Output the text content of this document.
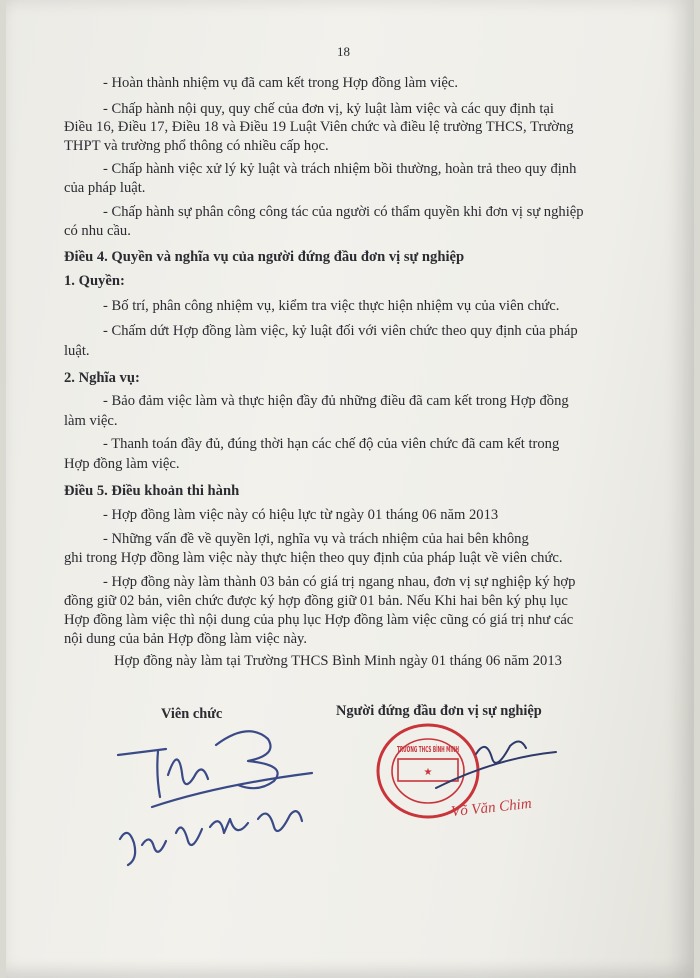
18
- Hoàn thành nhiệm vụ đã cam kết trong Hợp đồng làm việc.
- Chấp hành nội quy, quy chế của đơn vị, kỷ luật làm việc và các quy định tại
Điều 16, Điều 17, Điều 18 và Điều 19 Luật Viên chức và điều lệ trường THCS, Trường
THPT và trường phổ thông có nhiều cấp học.
- Chấp hành việc xử lý kỷ luật và trách nhiệm bồi thường, hoàn trả theo quy định
của pháp luật.
- Chấp hành sự phân công công tác của người có thẩm quyền khi đơn vị sự nghiệp
có nhu cầu.
Điều 4. Quyền và nghĩa vụ của người đứng đầu đơn vị sự nghiệp
1. Quyền:
- Bố trí, phân công nhiệm vụ, kiểm tra việc thực hiện nhiệm vụ của viên chức.
- Chấm dứt Hợp đồng làm việc, kỷ luật đối với viên chức theo quy định của pháp
luật.
2. Nghĩa vụ:
- Bảo đảm việc làm và thực hiện đầy đủ những điều đã cam kết trong Hợp đồng
làm việc.
- Thanh toán đầy đủ, đúng thời hạn các chế độ của viên chức đã cam kết trong
Hợp đồng làm việc.
Điều 5. Điều khoản thi hành
- Hợp đồng làm việc này có hiệu lực từ ngày 01 tháng 06 năm 2013
- Những vấn đề về quyền lợi, nghĩa vụ và trách nhiệm của hai bên không
ghi trong Hợp đồng làm việc này thực hiện theo quy định của pháp luật về viên chức.
- Hợp đồng này làm thành 03 bản có giá trị ngang nhau, đơn vị sự nghiệp ký hợp
đồng giữ 02 bản, viên chức được ký hợp đồng giữ 01 bản. Nếu Khi hai bên ký phụ lục
Hợp đồng làm việc thì nội dung của phụ lục Hợp đồng làm việc cũng có giá trị như các
nội dung của bản Hợp đồng làm việc này.
Hợp đồng này làm tại Trường THCS Bình Minh ngày 01 tháng 06 năm 2013
Viên chức	Người đứng đầu đơn vị sự nghiệp
TRƯỜNG THCS BÌNH MINH
★
Võ Văn Chim
